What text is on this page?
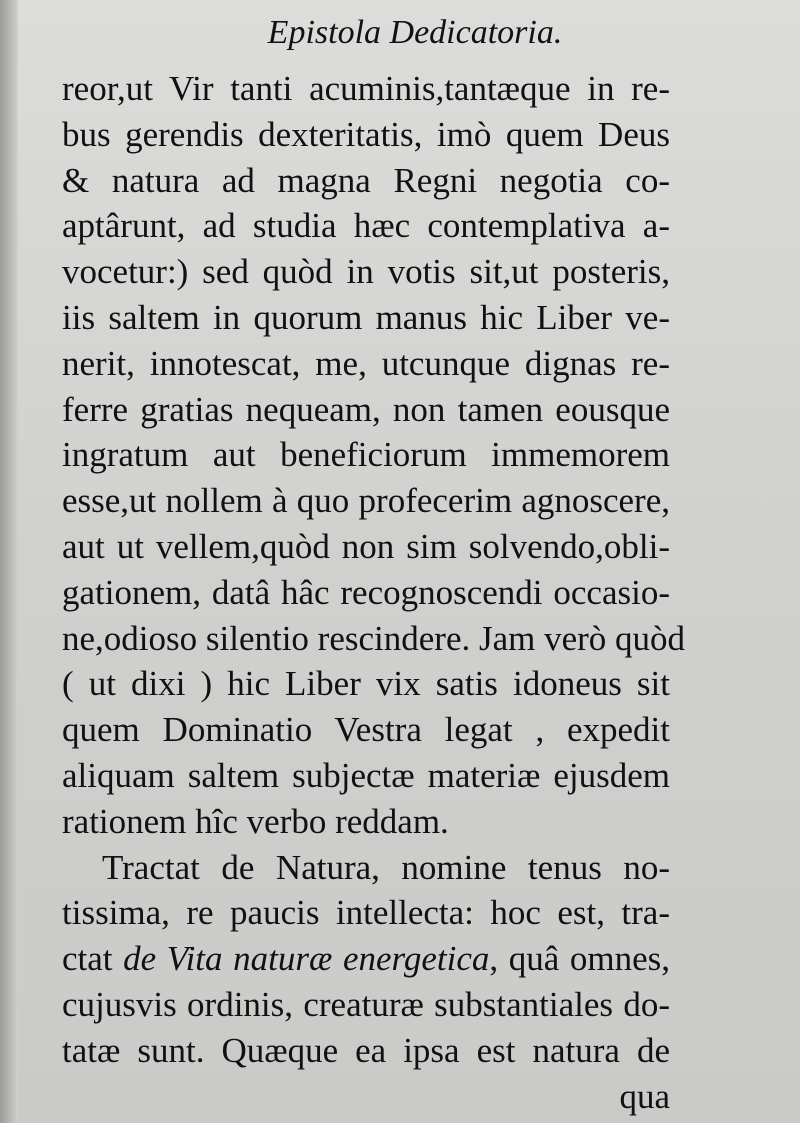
Epistola Dedicatoria.
reor,ut Vir tanti acuminis,tantæque in re-
bus gerendis dexteritatis, imò quem Deus
& natura ad magna Regni negotia co-
aptârunt, ad studia hæc contemplativa a-
vocetur:) sed quòd in votis sit,ut posteris,
iis saltem in quorum manus hic Liber ve-
nerit, innotescat, me, utcunque dignas re-
ferre gratias nequeam, non tamen eousque
ingratum aut beneficiorum immemorem
esse,ut nollem à quo profecerim agnoscere,
aut ut vellem,quòd non sim solvendo,obli-
gationem, datâ hâc recognoscendi occasio-
ne,odioso silentio rescindere. Jam verò quòd
( ut dixi ) hic Liber vix satis idoneus sit
quem Dominatio Vestra legat , expedit
aliquam saltem subjectæ materiæ ejusdem
rationem hîc verbo reddam.
Tractat de Natura, nomine tenus no-
tissima, re paucis intellecta: hoc est, tra-
ctat de Vita naturæ energetica, quâ omnes,
cujusvis ordinis, creaturæ substantiales do-
tatæ sunt. Quæque ea ipsa est natura de
qua
